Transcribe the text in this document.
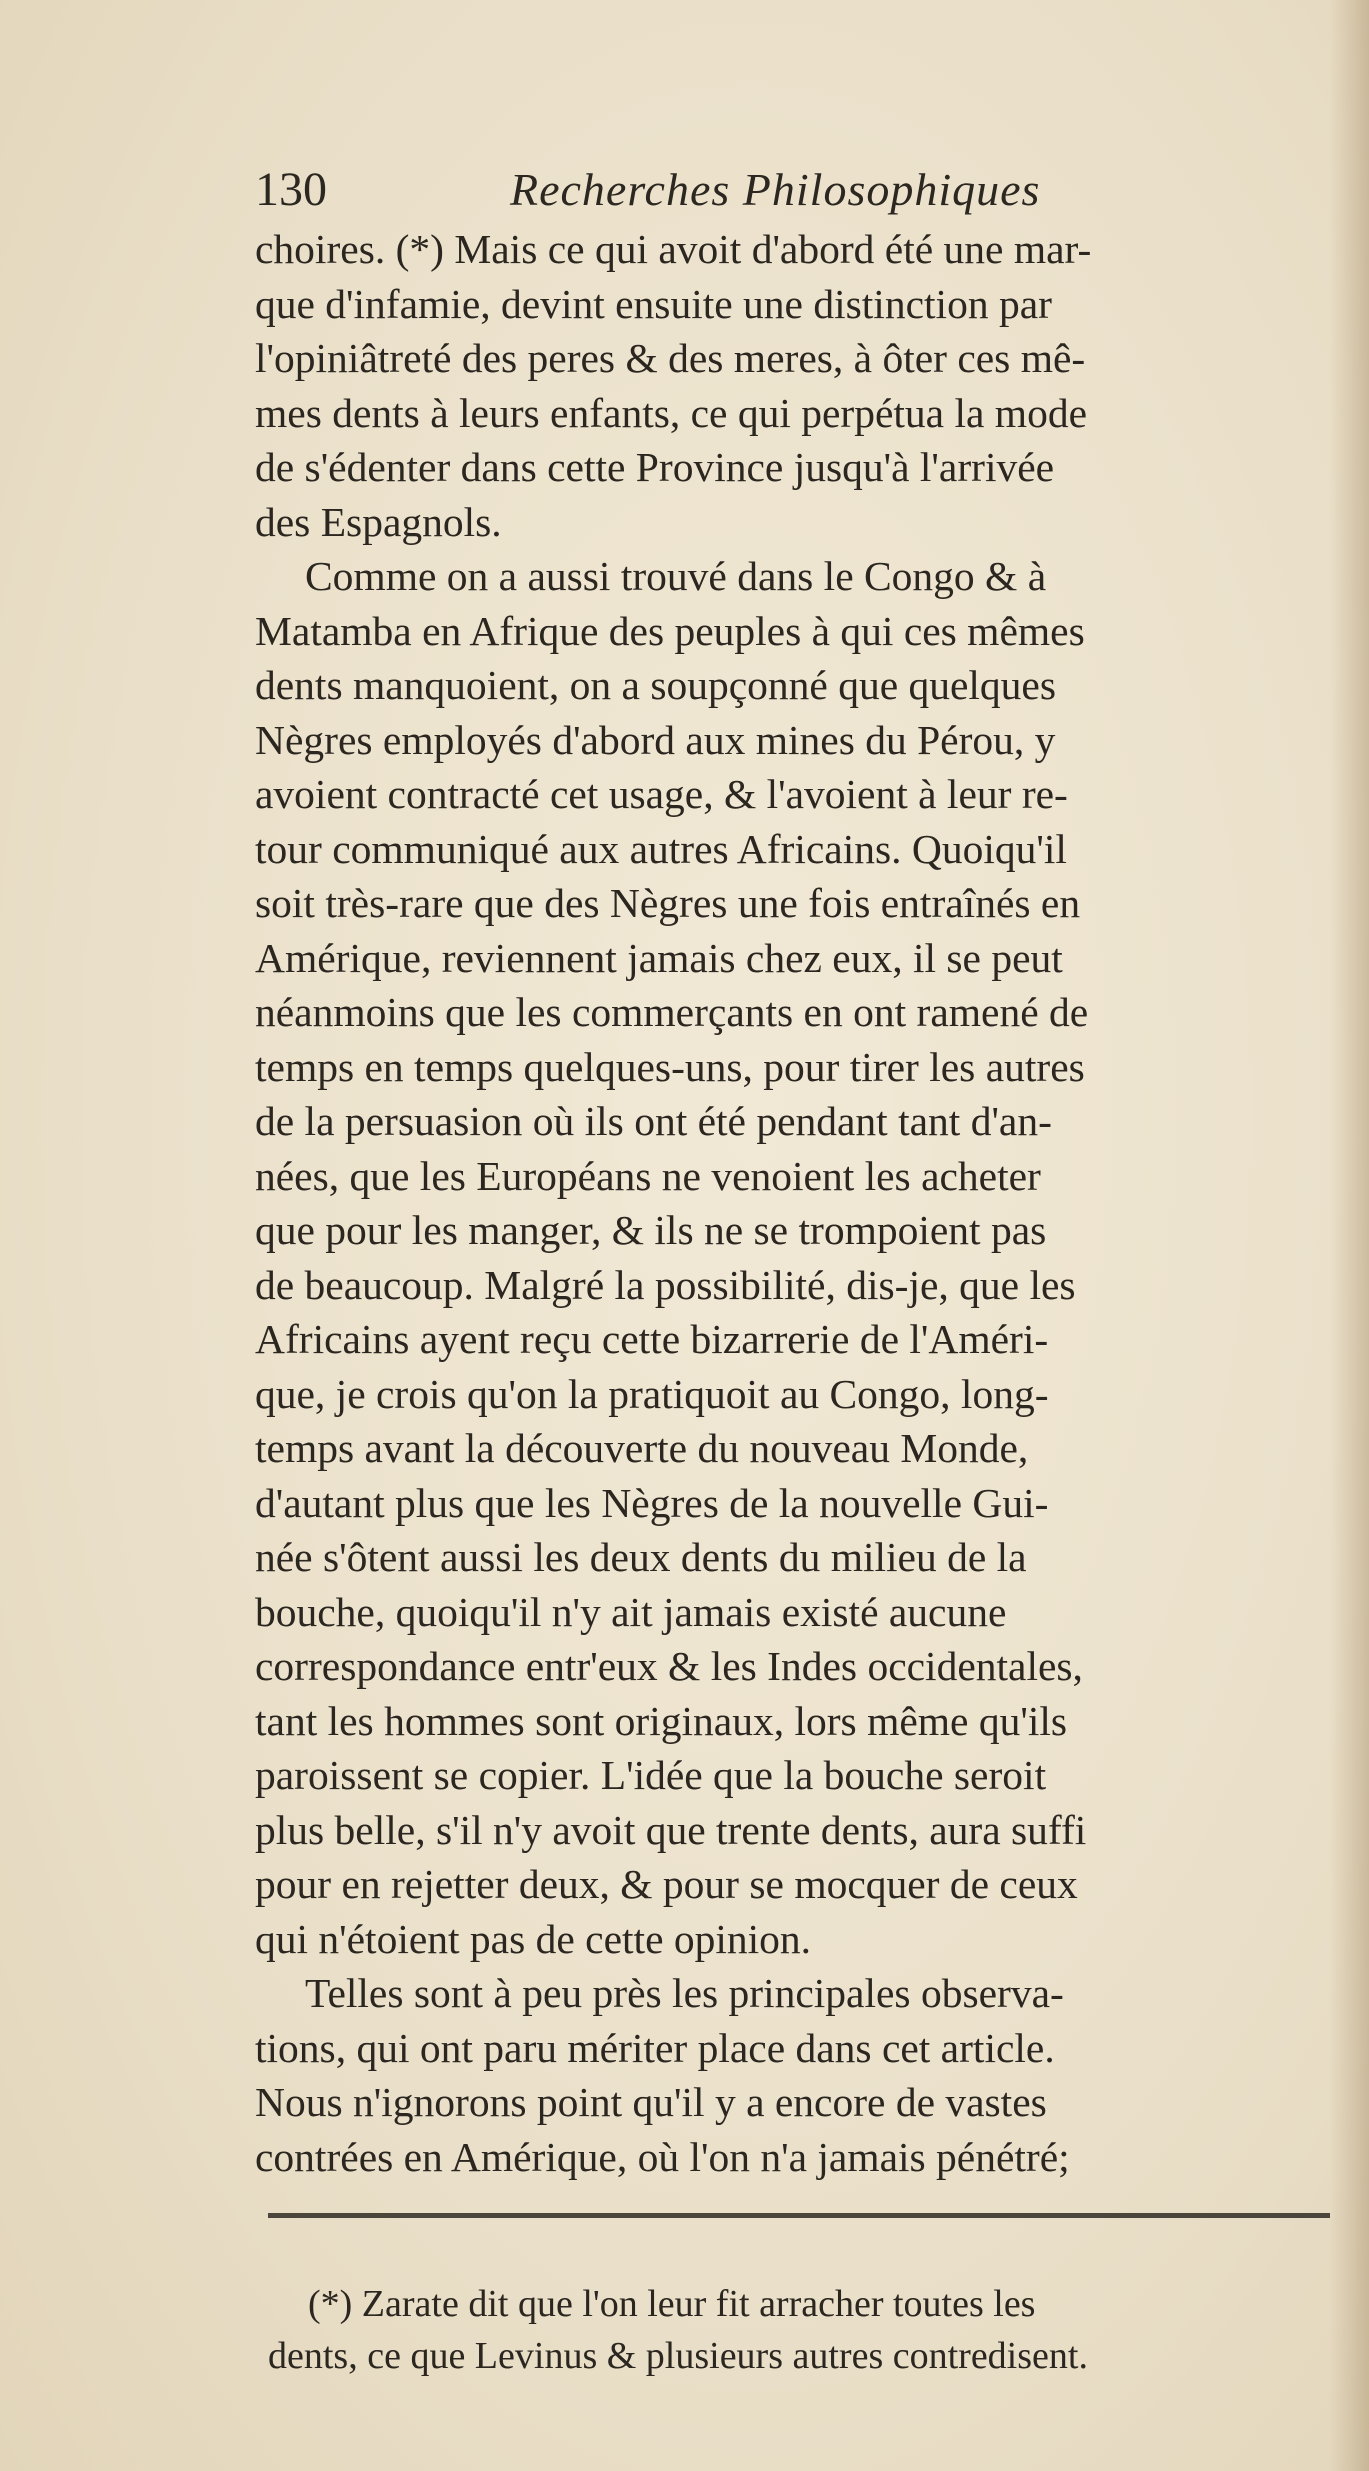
130	Recherches Philosophiques
choires. (*) Mais ce qui avoit d'abord été une mar-
que d'infamie, devint ensuite une distinction par
l'opiniâtreté des peres & des meres, à ôter ces mê-
mes dents à leurs enfants, ce qui perpétua la mode
de s'édenter dans cette Province jusqu'à l'arrivée
des Espagnols.
Comme on a aussi trouvé dans le Congo & à
Matamba en Afrique des peuples à qui ces mêmes
dents manquoient, on a soupçonné que quelques
Nègres employés d'abord aux mines du Pérou, y
avoient contracté cet usage, & l'avoient à leur re-
tour communiqué aux autres Africains. Quoiqu'il
soit très-rare que des Nègres une fois entraînés en
Amérique, reviennent jamais chez eux, il se peut
néanmoins que les commerçants en ont ramené de
temps en temps quelques-uns, pour tirer les autres
de la persuasion où ils ont été pendant tant d'an-
nées, que les Européans ne venoient les acheter
que pour les manger, & ils ne se trompoient pas
de beaucoup. Malgré la possibilité, dis-je, que les
Africains ayent reçu cette bizarrerie de l'Améri-
que, je crois qu'on la pratiquoit au Congo, long-
temps avant la découverte du nouveau Monde,
d'autant plus que les Nègres de la nouvelle Gui-
née s'ôtent aussi les deux dents du milieu de la
bouche, quoiqu'il n'y ait jamais existé aucune
correspondance entr'eux & les Indes occidentales,
tant les hommes sont originaux, lors même qu'ils
paroissent se copier. L'idée que la bouche seroit
plus belle, s'il n'y avoit que trente dents, aura suffi
pour en rejetter deux, & pour se mocquer de ceux
qui n'étoient pas de cette opinion.
Telles sont à peu près les principales observa-
tions, qui ont paru mériter place dans cet article.
Nous n'ignorons point qu'il y a encore de vastes
contrées en Amérique, où l'on n'a jamais pénétré;
(*) Zarate dit que l'on leur fit arracher toutes les
dents, ce que Levinus & plusieurs autres contredisent.
